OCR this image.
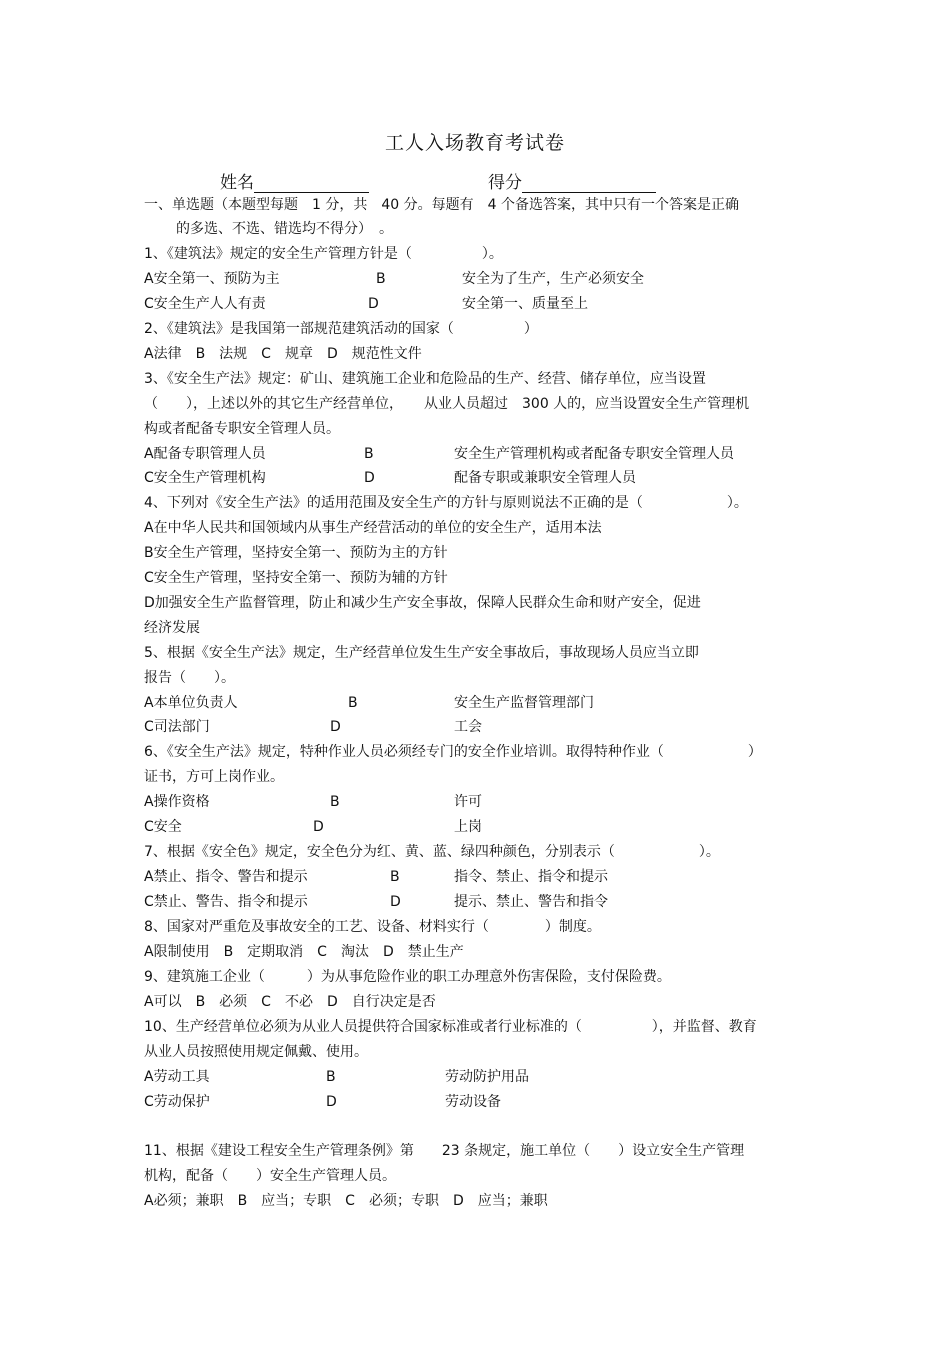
工人入场教育考试卷
姓名	得分
一、单选题（本题型每题　1 分，共　40 分。每题有　4 个备选答案，其中只有一个答案是正确
的多选、不选、错选均不得分）　。
1、《建筑法》规定的安全生产管理方针是（　　　　　）。
A安全第一、预防为主	B	安全为了生产，生产必须安全
C安全生产人人有责	D	安全第一、质量至上
2、《建筑法》是我国第一部规范建筑活动的国家（　　　　　）
A法律　B　法规　C　规章　D　规范性文件
3、《安全生产法》规定：矿山、建筑施工企业和危险品的生产、经营、储存单位，应当设置
（　　），上述以外的其它生产经营单位，　　从业人员超过　300 人的，应当设置安全生产管理机
构或者配备专职安全管理人员。
A配备专职管理人员	B	安全生产管理机构或者配备专职安全管理人员
C安全生产管理机构	D	配备专职或兼职安全管理人员
4、下列对《安全生产法》的适用范围及安全生产的方针与原则说法不正确的是（　　　　　　）。
A在中华人民共和国领域内从事生产经营活动的单位的安全生产，适用本法
B安全生产管理，坚持安全第一、预防为主的方针
C安全生产管理，坚持安全第一、预防为辅的方针
D加强安全生产监督管理，防止和减少生产安全事故，保障人民群众生命和财产安全，促进
经济发展
5、根据《安全生产法》规定，生产经营单位发生生产安全事故后，事故现场人员应当立即
报告（　　）。
A本单位负责人	B	安全生产监督管理部门
C司法部门	D	工会
6、《安全生产法》规定，特种作业人员必须经专门的安全作业培训。取得特种作业（　　　　　　）
证书，方可上岗作业。
A操作资格	B	许可
C安全	D	上岗
7、根据《安全色》规定，安全色分为红、黄、蓝、绿四种颜色，分别表示（　　　　　　）。
A禁止、指令、警告和提示	B	指令、禁止、指令和提示
C禁止、警告、指令和提示	D	提示、禁止、警告和指令
8、国家对严重危及事故安全的工艺、设备、材料实行（　　　　）制度。
A限制使用　B　定期取消　C　淘汰　D　禁止生产
9、建筑施工企业（　　　）为从事危险作业的职工办理意外伤害保险，支付保险费。
A可以　B　必须　C　不必　D　自行决定是否
10、生产经营单位必须为从业人员提供符合国家标准或者行业标准的（　　　　　），并监督、教育
从业人员按照使用规定佩戴、使用。
A劳动工具	B	劳动防护用品
C劳动保护	D	劳动设备
11、根据《建设工程安全生产管理条例》第　　23 条规定，施工单位（　　）设立安全生产管理
机构，配备（　　）安全生产管理人员。
A必须；兼职　B　应当；专职　C　必须；专职　D　应当；兼职
